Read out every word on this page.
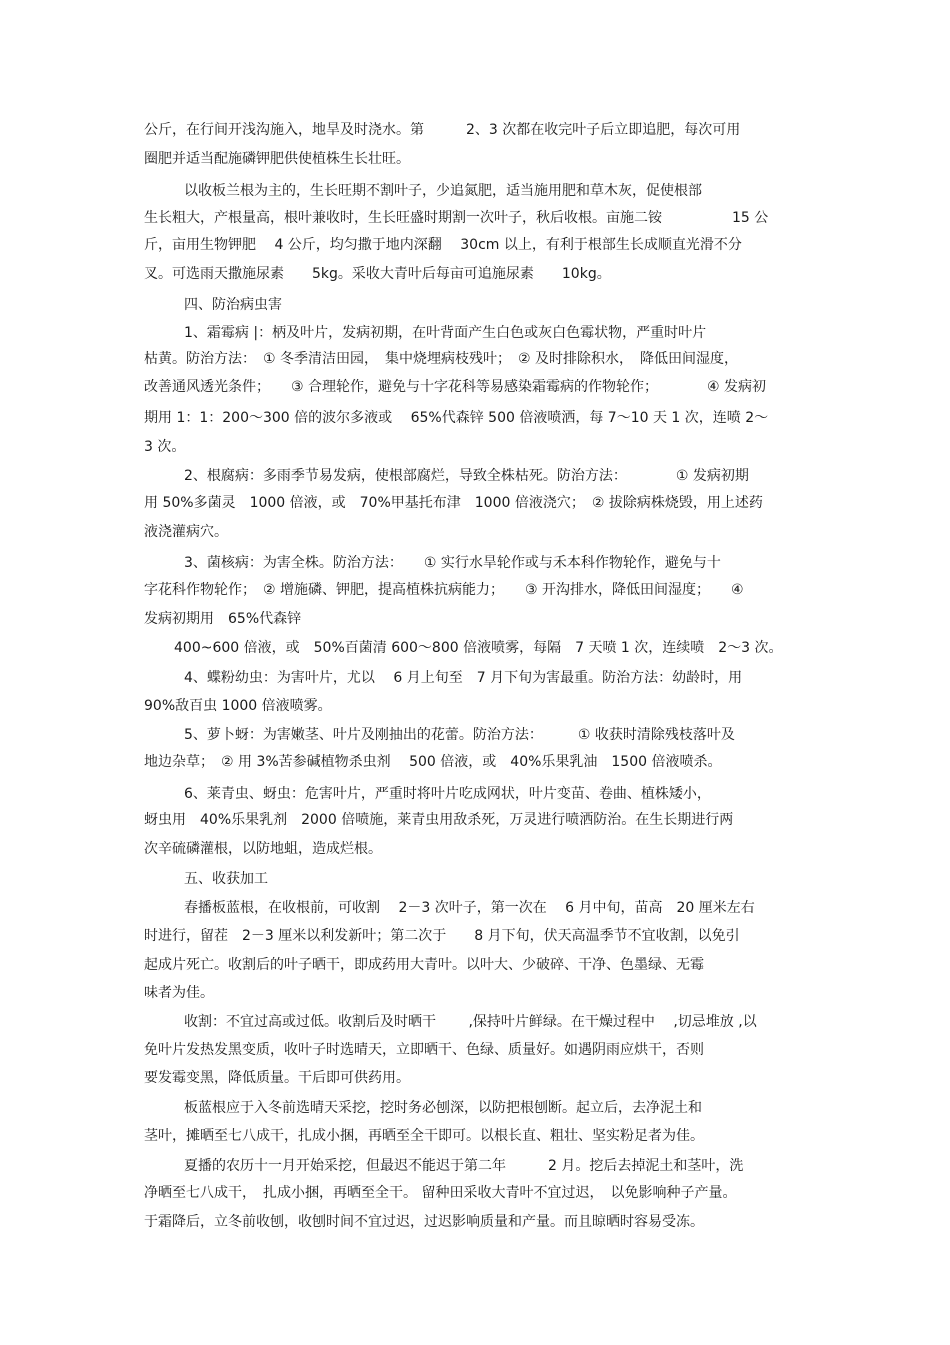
公斤，在行间开浅沟施入，地旱及时浇水。第　　　2、3 次都在收完叶子后立即追肥，每次可用

圈肥并适当配施磷钾肥供使植株生长壮旺。

以收板兰根为主的，生长旺期不割叶子，少追氮肥，适当施用肥和草木灰，促使根部

生长粗大，产根量高，根叶兼收时，生长旺盛时期割一次叶子，秋后收根。亩施二铵　　　　　15 公

斤，亩用生物钾肥　 4 公斤，均匀撒于地内深翻　 30cm 以上，有利于根部生长成顺直光滑不分

叉。可选雨天撒施尿素　　5kg。采收大青叶后每亩可追施尿素　　10kg。

四、防治病虫害

1、霜霉病 |：柄及叶片，发病初期，在叶背面产生白色或灰白色霉状物，严重时叶片

枯黄。防治方法：　① 冬季清洁田园，　集中烧埋病枝残叶；　② 及时排除积水，　降低田间湿度，

改善通风透光条件；　　③ 合理轮作，避免与十字花科等易感染霜霉病的作物轮作；　　　　④ 发病初

期用 1：1：200～300 倍的波尔多液或　 65%代森锌 500 倍液喷洒，每 7～10 天 1 次，连喷 2～

3 次。

2、根腐病：多雨季节易发病，使根部腐烂，导致全株枯死。防治方法：　　　　① 发病初期

用 50%多菌灵　1000 倍液，或　70%甲基托布津　1000 倍液浇穴；　② 拔除病株烧毁，用上述药

液浇灌病穴。

3、菌核病：为害全株。防治方法：　　① 实行水旱轮作或与禾本科作物轮作，避免与十

字花科作物轮作；　② 增施磷、钾肥，提高植株抗病能力；　　③ 开沟排水，降低田间湿度；　　④

发病初期用　65%代森锌

400~600 倍液，或　50%百菌清 600～800 倍液喷雾，每隔　7 天喷 1 次，连续喷　2～3 次。

4、蝶粉幼虫：为害叶片，尤以　 6 月上旬至　7 月下旬为害最重。防治方法：幼龄时，用

90%敌百虫 1000 倍液喷雾。

5、萝卜蚜：为害嫩茎、叶片及刚抽出的花蕾。防治方法：　　　① 收获时清除残枝落叶及

地边杂草；　② 用 3%苦参碱植物杀虫剂　 500 倍液，或　40%乐果乳油　1500 倍液喷杀。

6、莱青虫、蚜虫：危害叶片，严重时将叶片吃成网状，叶片变苗、卷曲、植株矮小，

蚜虫用　40%乐果乳剂　2000 倍喷施，莱青虫用敌杀死，万灵进行喷洒防治。在生长期进行两

次辛硫磷灌根，以防地蛆，造成烂根。

五、收获加工

春播板蓝根，在收根前，可收割　 2－3 次叶子，第一次在　 6 月中旬，苗高　20 厘米左右

时进行，留茬　2－3 厘米以利发新叶；第二次于　　8 月下旬，伏天高温季节不宜收割，以免引

起成片死亡。收割后的叶子晒干，即成药用大青叶。以叶大、少破碎、干净、色墨绿、无霉

味者为佳。

收割：不宜过高或过低。收割后及时晒干　　 ,保持叶片鲜绿。在干燥过程中　 ,切忌堆放 ,以

免叶片发热发黑变质，收叶子时选晴天，立即晒干、色绿、质量好。如遇阴雨应烘干，否则

要发霉变黑，降低质量。干后即可供药用。

板蓝根应于入冬前选晴天采挖，挖时务必刨深，以防把根刨断。起立后，去净泥土和

茎叶，摊晒至七八成干，扎成小捆，再晒至全干即可。以根长直、粗壮、坚实粉足者为佳。

夏播的农历十一月开始采挖，但最迟不能迟于第二年　　　2 月。挖后去掉泥土和茎叶，洗

净晒至七八成干，　扎成小捆，再晒至全干。 留种田采收大青叶不宜过迟，　以免影响种子产量。

于霜降后，立冬前收刨，收刨时间不宜过迟，过迟影响质量和产量。而且晾晒时容易受冻。
